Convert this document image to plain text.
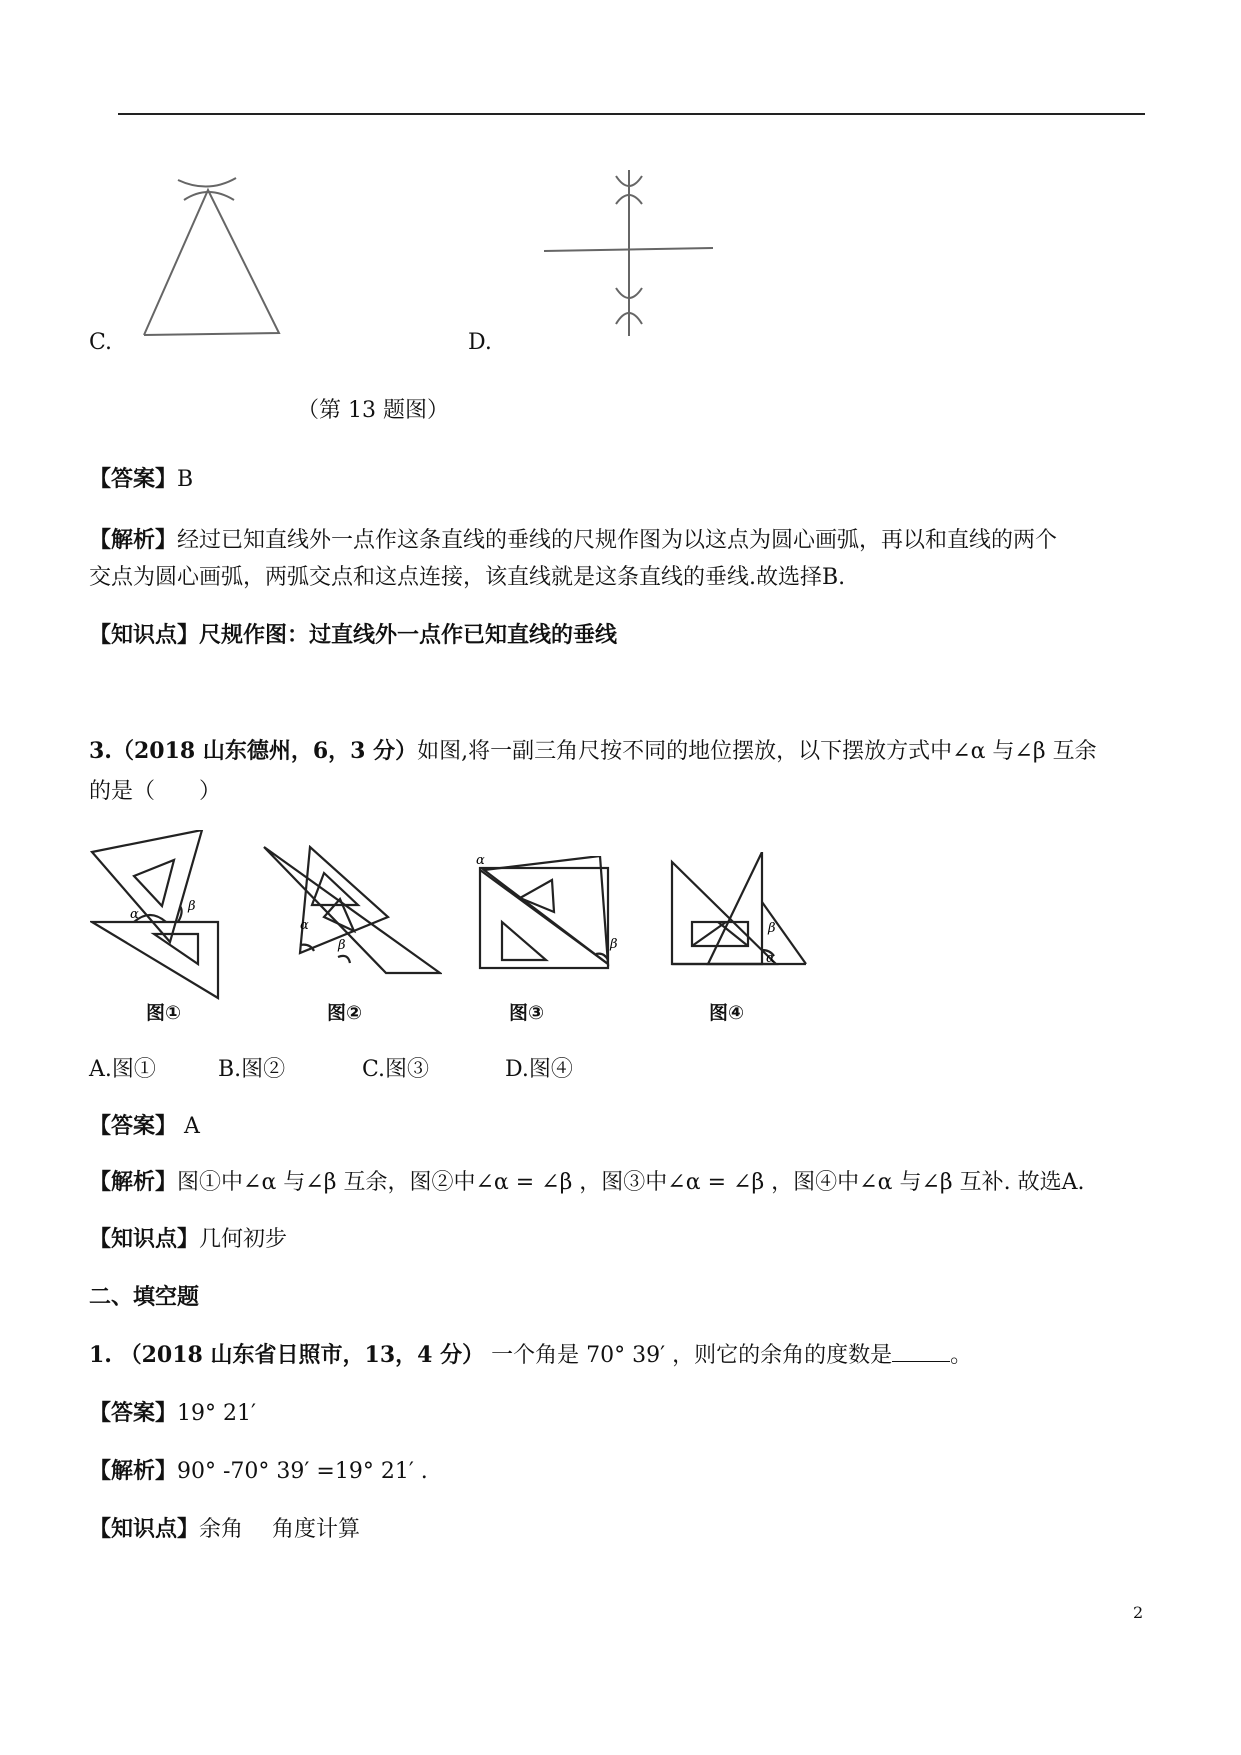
C.	D.
（第 13 题图）
【答案】B
【解析】经过已知直线外一点作这条直线的垂线的尺规作图为以这点为圆心画弧，再以和直线的两个
交点为圆心画弧，两弧交点和这点连接，该直线就是这条直线的垂线.故选择B.
【知识点】尺规作图：过直线外一点作已知直线的垂线
3.（2018 山东德州，6，3 分）如图,将一副三角尺按不同的地位摆放，以下摆放方式中∠α 与∠β 互余
的是（　　）
α
β
α
β
α
β
β
α
图①	图②	图③	图④
A.图①	B.图②	C.图③	D.图④
【答案】 A
【解析】图①中∠α 与∠β 互余，图②中∠α = ∠β ，图③中∠α = ∠β ，图④中∠α 与∠β 互补. 故选A.
【知识点】几何初步
二、填空题
1. （2018 山东省日照市，13，4 分） 一个角是 70° 39′ ，则它的余角的度数是	。
【答案】19° 21′
【解析】90° -70° 39′ =19° 21′ .
【知识点】余角　 角度计算
2
